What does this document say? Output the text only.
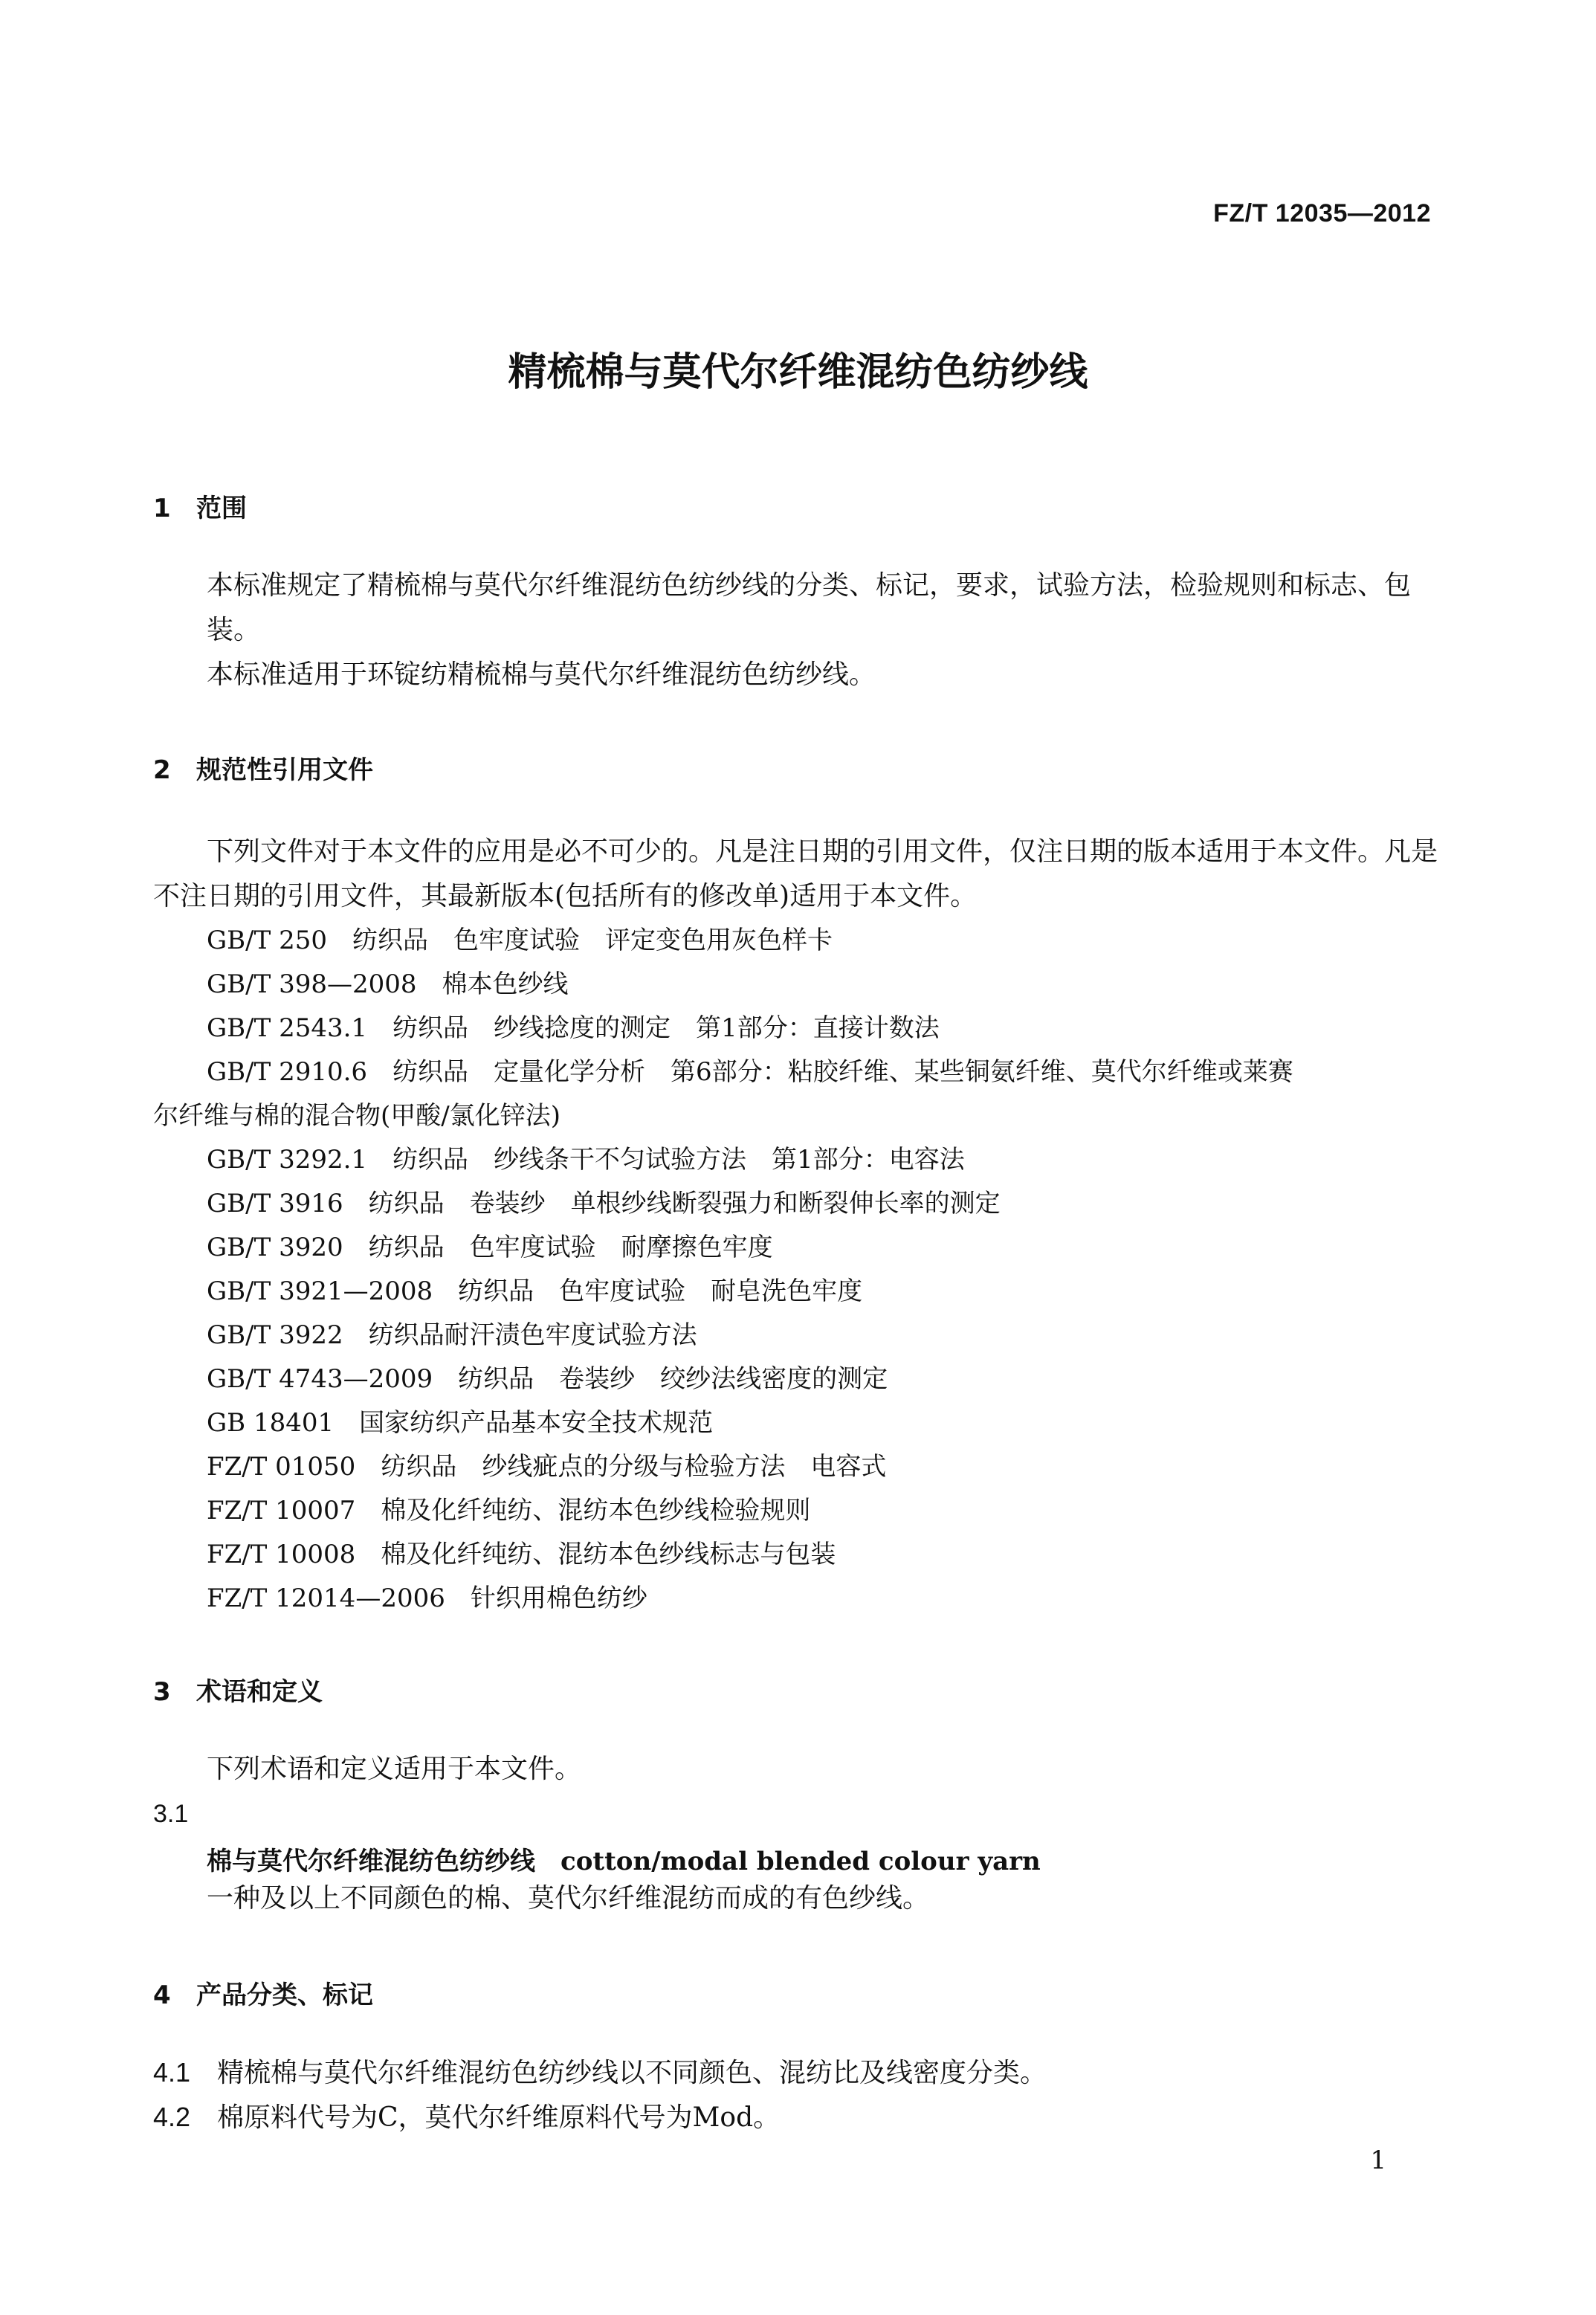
FZ/T 12035—2012
精梳棉与莫代尔纤维混纺色纺纱线
1 范围
本标准规定了精梳棉与莫代尔纤维混纺色纺纱线的分类、标记，要求，试验方法，检验规则和标志、包装。
本标准适用于环锭纺精梳棉与莫代尔纤维混纺色纺纱线。
2 规范性引用文件
下列文件对于本文件的应用是必不可少的。凡是注日期的引用文件，仅注日期的版本适用于本文件。凡是不注日期的引用文件，其最新版本(包括所有的修改单)适用于本文件。
GB/T 250 纺织品　色牢度试验　评定变色用灰色样卡
GB/T 398—2008 棉本色纱线
GB/T 2543.1 纺织品　纱线捻度的测定　第1部分：直接计数法
GB/T 2910.6 纺织品　定量化学分析　第6部分：粘胶纤维、某些铜氨纤维、莫代尔纤维或莱赛
尔纤维与棉的混合物(甲酸/氯化锌法)
GB/T 3292.1 纺织品　纱线条干不匀试验方法　第1部分：电容法
GB/T 3916 纺织品　卷装纱　单根纱线断裂强力和断裂伸长率的测定
GB/T 3920 纺织品　色牢度试验　耐摩擦色牢度
GB/T 3921—2008 纺织品　色牢度试验　耐皂洗色牢度
GB/T 3922 纺织品耐汗渍色牢度试验方法
GB/T 4743—2009 纺织品　卷装纱　绞纱法线密度的测定
GB 18401 国家纺织产品基本安全技术规范
FZ/T 01050 纺织品　纱线疵点的分级与检验方法　电容式
FZ/T 10007 棉及化纤纯纺、混纺本色纱线检验规则
FZ/T 10008 棉及化纤纯纺、混纺本色纱线标志与包装
FZ/T 12014—2006 针织用棉色纺纱
3 术语和定义
下列术语和定义适用于本文件。
3.1
棉与莫代尔纤维混纺色纺纱线 cotton/modal blended colour yarn
一种及以上不同颜色的棉、莫代尔纤维混纺而成的有色纱线。
4 产品分类、标记
4.1 精梳棉与莫代尔纤维混纺色纺纱线以不同颜色、混纺比及线密度分类。
4.2 棉原料代号为C，莫代尔纤维原料代号为Mod。
1
